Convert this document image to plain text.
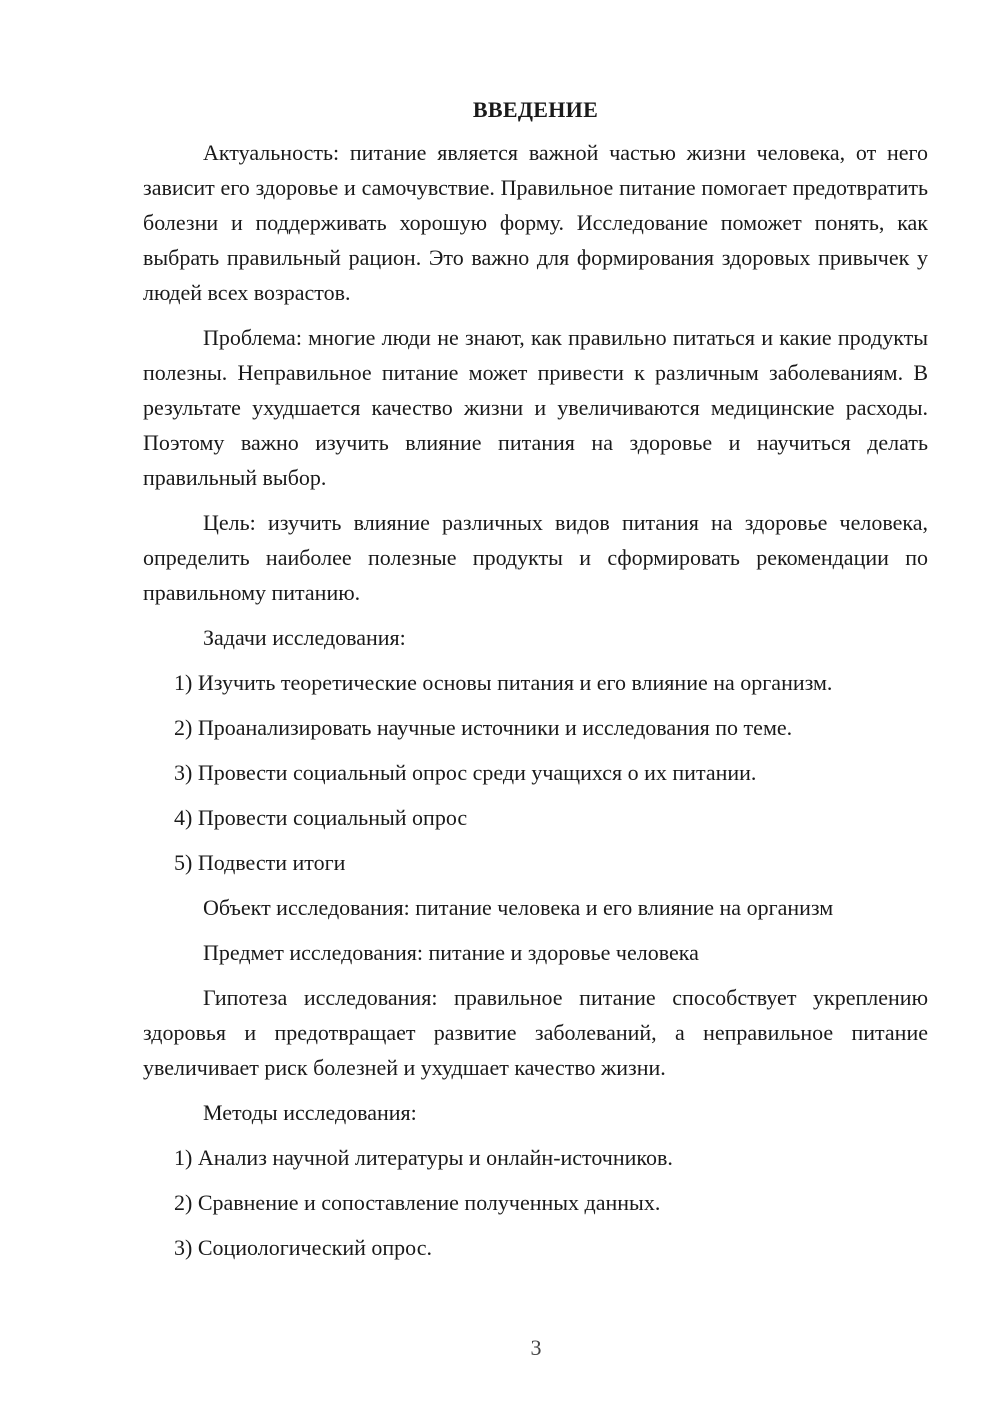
ВВЕДЕНИЕ

Актуальность: питание является важной частью жизни человека, от него зависит его здоровье и самочувствие. Правильное питание помогает предотвратить болезни и поддерживать хорошую форму. Исследование поможет понять, как выбрать правильный рацион. Это важно для формирования здоровых привычек у людей всех возрастов.

Проблема: многие люди не знают, как правильно питаться и какие продукты полезны. Неправильное питание может привести к различным заболеваниям. В результате ухудшается качество жизни и увеличиваются медицинские расходы. Поэтому важно изучить влияние питания на здоровье и научиться делать правильный выбор.

Цель: изучить влияние различных видов питания на здоровье человека, определить наиболее полезные продукты и сформировать рекомендации по правильному питанию.

Задачи исследования:
1) Изучить теоретические основы питания и его влияние на организм.
2) Проанализировать научные источники и исследования по теме.
3) Провести социальный опрос среди учащихся о их питании.
4) Провести социальный опрос
5) Подвести итоги
Объект исследования: питание человека и его влияние на организм
Предмет исследования: питание и здоровье человека

Гипотеза исследования: правильное питание способствует укреплению здоровья и предотвращает развитие заболеваний, а неправильное питание увеличивает риск болезней и ухудшает качество жизни.

Методы исследования:
1) Анализ научной литературы и онлайн-источников.
2) Сравнение и сопоставление полученных данных.
3) Социологический опрос.
3
